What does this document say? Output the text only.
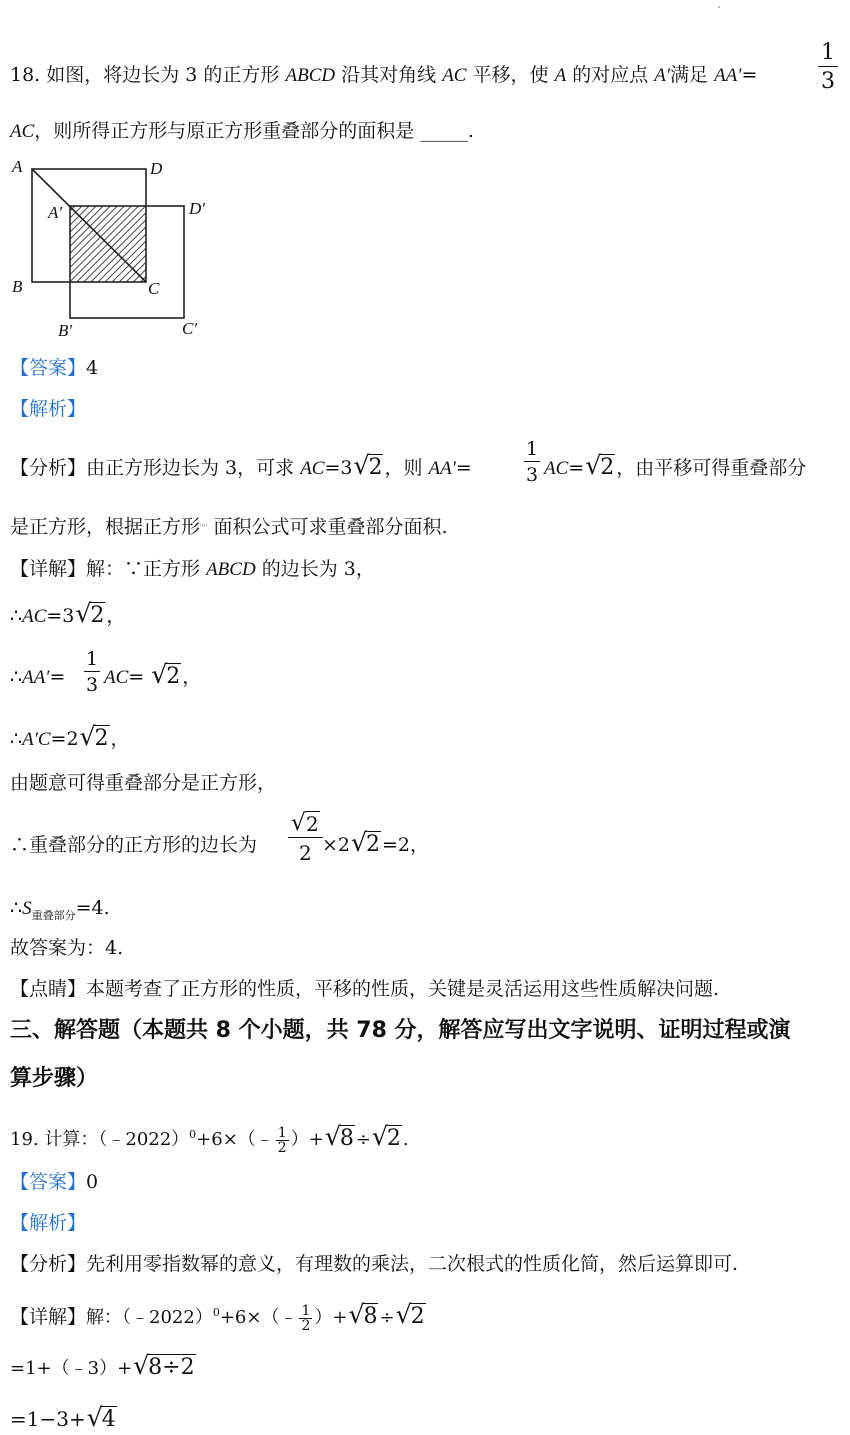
18. 如图，将边长为 3 的正方形 ABCD 沿其对角线 AC 平移，使 A 的对应点 A′满足 AA′=	$\frac{1}{3}$
AC，则所得正方形与原正方形重叠部分的面积是 _____.
A	D
A′	D′
B	C
B′	C′
【答案】4
【解析】
【分析】由正方形边长为 3，可求 AC=3 √
2 ，则 AA′=	$\frac{1}{3} AC=$ √
2 ，由平移可得重叠部分
是正方形，根据正方形$^{^{(n)}}$ 面积公式可求重叠部分面积.
【详解】解：∵正方形 ABCD 的边长为 3，
∴AC=3 √
2 ，
∴AA′= $\frac{1}{3} AC=$ √
2 ，
∴A′C=2 √
2 ，
由题意可得重叠部分是正方形，
∴重叠部分的正方形的边长为 $\frac{√ 2}{2} \times 2$ √
2 =2，
$\therefore S_{重叠部分}=4$.
故答案为：4.
【点睛】本题考查了正方形的性质，平移的性质，关键是灵活运用这些性质解决问题.
三、解答题（本题共 8 个小题，共 78 分，解答应写出文字说明、证明过程或演
算步骤）
19. 计算：（﹣2022）$^0$+6×（﹣ $\frac{1}{2}$ ）+ √
8 ÷ √
2 .
【答案】0
【解析】
【分析】先利用零指数幂的意义，有理数的乘法，二次根式的性质化简，然后运算即可.
【详解】解：（﹣2022）$^0$+6×（﹣ $\frac{1}{2}$ ）+ √
8 ÷ √
2
=1+（﹣3）+ √
8÷2
=1−3+ √
4
